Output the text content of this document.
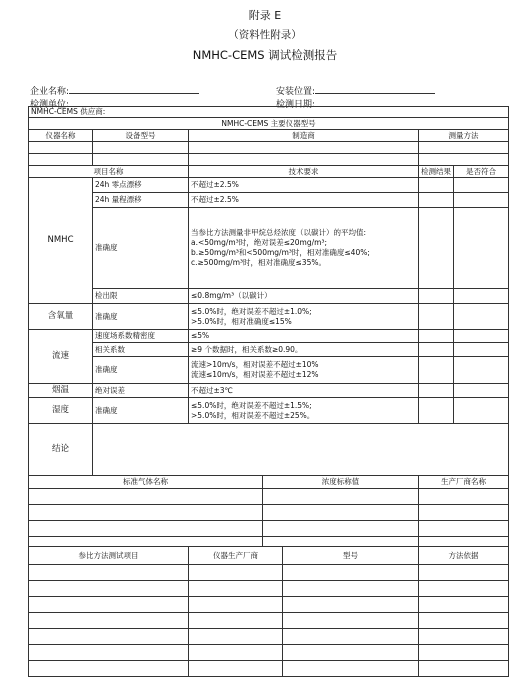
附录 E
（资料性附录）
NMHC-CEMS 调试检测报告
企业名称:	安装位置:
检测单位:	检测日期:
NMHC-CEMS 供应商:						
NMHC-CEMS 主要仪器型号						
仪器名称	设备型号	制造商			测量方法	

项目名称		技术要求			检测结果	是否符合
NMHC	24h 零点漂移	不超过±2.5%				
	24h 量程漂移	不超过±2.5%				
	准确度	当参比方法测量非甲烷总烃浓度（以碳计）的平均值:
a.<50mg/m³时，绝对误差≤20mg/m³;
b.≥50mg/m³和<500mg/m³时，相对准确度≤40%;
c.≥500mg/m³时，相对准确度≤35%。				

	检出限	≤0.8mg/m³（以碳计）				
含氧量	准确度	≤5.0%时，绝对误差不超过±1.0%;
>5.0%时，相对准确度≤15%				

流速	速度场系数精密度	≤5%				
	相关系数	≥9 个数据时，相关系数≥0.90。				
	准确度	流速>10m/s，相对误差不超过±10%
流速≤10m/s，相对误差不超过±12%				

烟温	绝对误差	不超过±3℃				
湿度	准确度	≤5.0%时，绝对误差不超过±1.5%;
>5.0%时，相对误差不超过±25%。				

结论						
标准气体名称			浓度标称值		生产厂商名称	

参比方法测试项目		仪器生产厂商		型号	方法依据	
